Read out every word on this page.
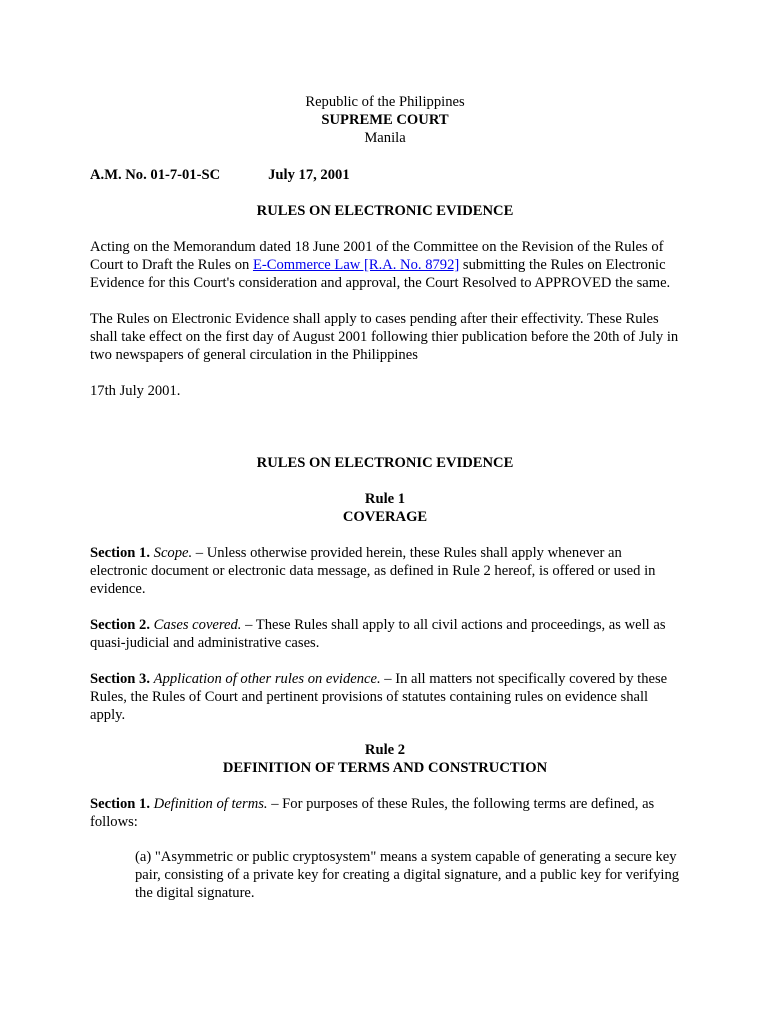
Republic of the Philippines
SUPREME COURT
Manila
A.M. No. 01-7-01-SC	July 17, 2001
RULES ON ELECTRONIC EVIDENCE
Acting on the Memorandum dated 18 June 2001 of the Committee on the Revision of the Rules of Court to Draft the Rules on E-Commerce Law [R.A. No. 8792] submitting the Rules on Electronic Evidence for this Court's consideration and approval, the Court Resolved to APPROVED the same.
The Rules on Electronic Evidence shall apply to cases pending after their effectivity. These Rules shall take effect on the first day of August 2001 following thier publication before the 20th of July in two newspapers of general circulation in the Philippines
17th July 2001.
RULES ON ELECTRONIC EVIDENCE
Rule 1
COVERAGE
Section 1. Scope. – Unless otherwise provided herein, these Rules shall apply whenever an electronic document or electronic data message, as defined in Rule 2 hereof, is offered or used in evidence.
Section 2. Cases covered. – These Rules shall apply to all civil actions and proceedings, as well as quasi-judicial and administrative cases.
Section 3. Application of other rules on evidence. – In all matters not specifically covered by these Rules, the Rules of Court and pertinent provisions of statutes containing rules on evidence shall apply.
Rule 2
DEFINITION OF TERMS AND CONSTRUCTION
Section 1. Definition of terms. – For purposes of these Rules, the following terms are defined, as follows:
(a) "Asymmetric or public cryptosystem" means a system capable of generating a secure key pair, consisting of a private key for creating a digital signature, and a public key for verifying the digital signature.
